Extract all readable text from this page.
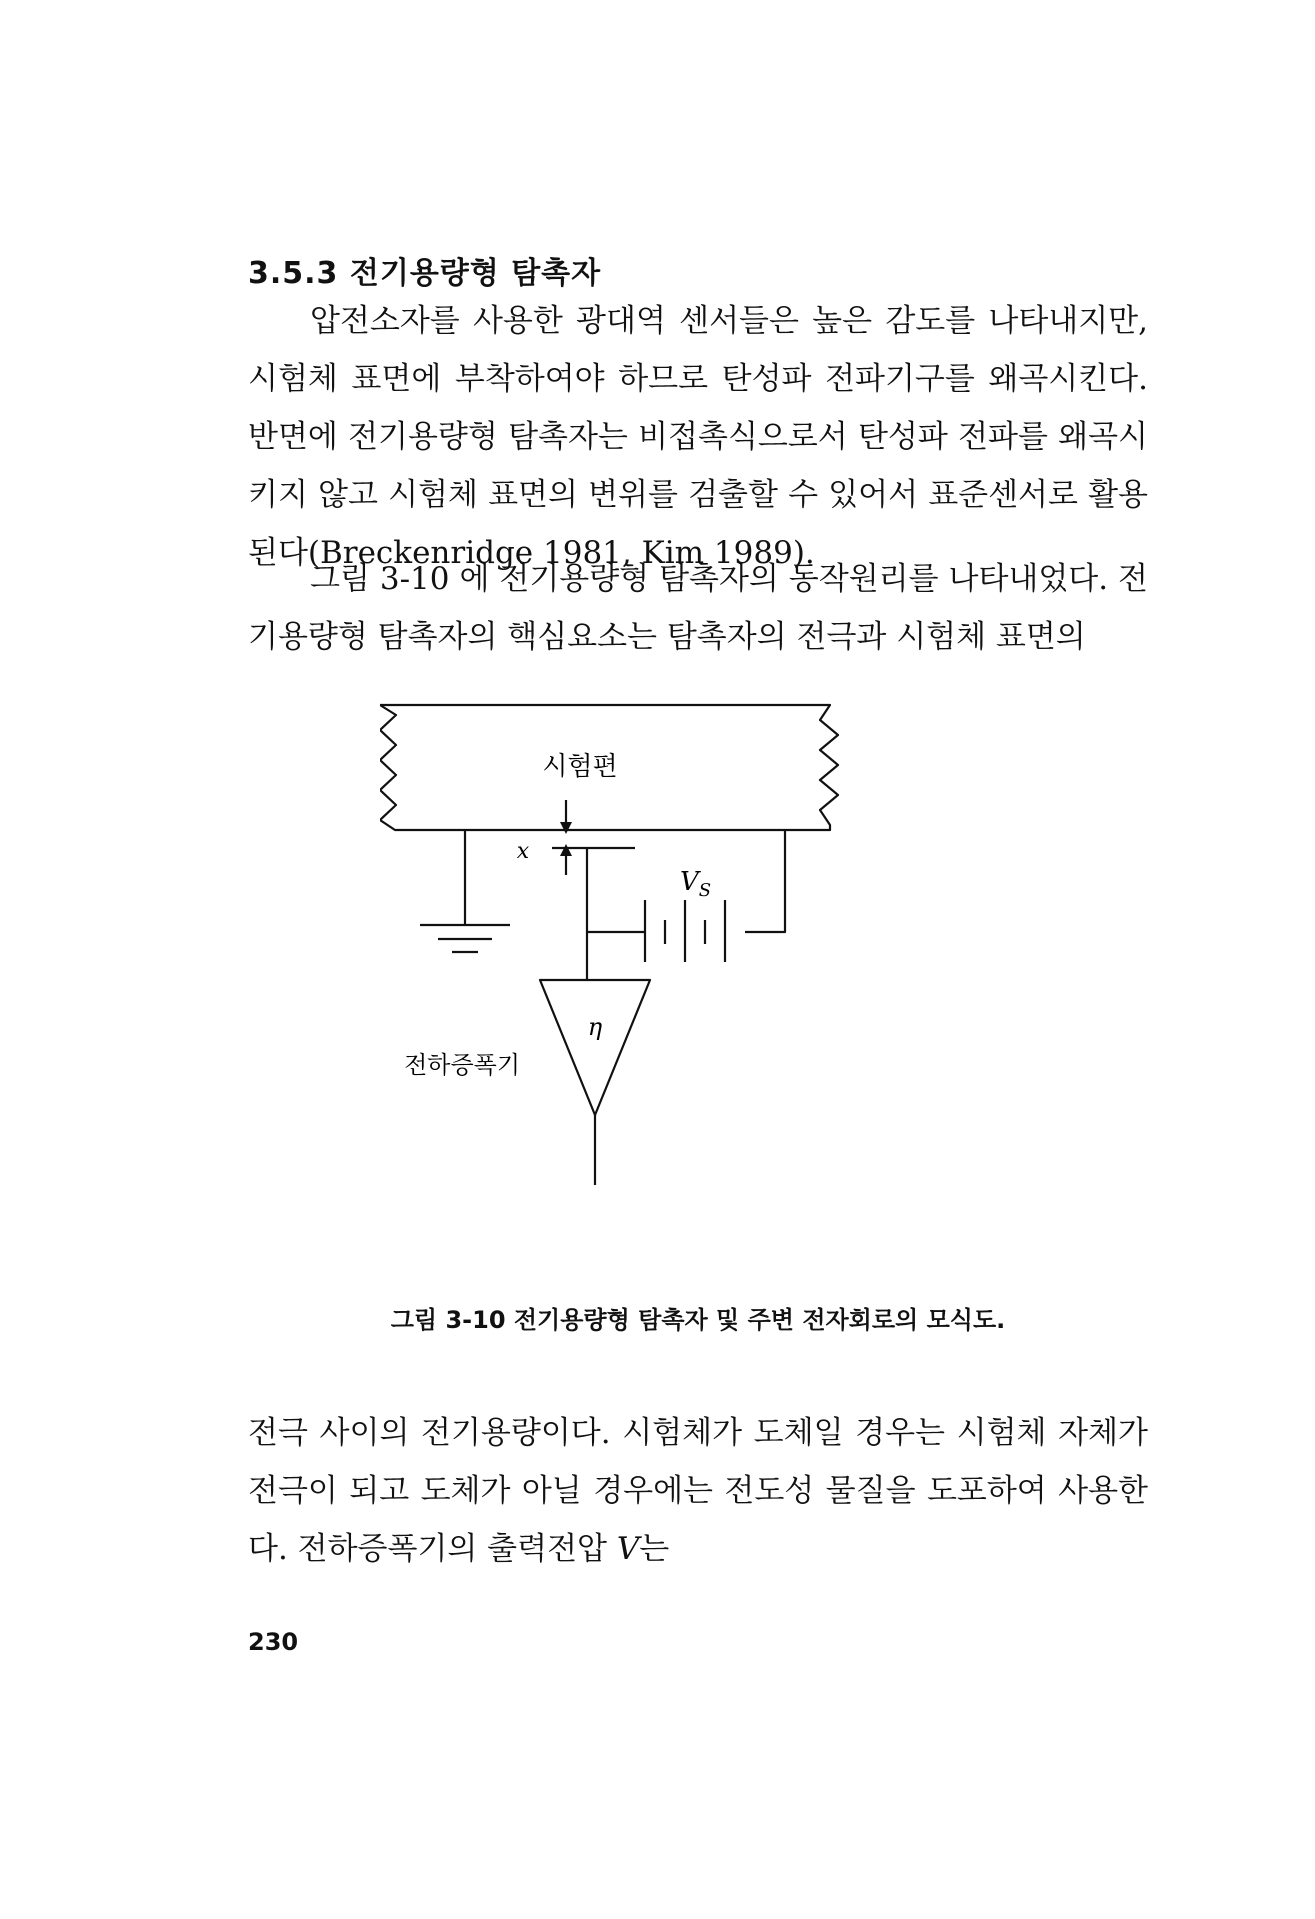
3.5.3 전기용량형 탐촉자
압전소자를 사용한 광대역 센서들은 높은 감도를 나타내지만, 시험체 표면에 부착하여야 하므로 탄성파 전파기구를 왜곡시킨다. 반면에 전기용량형 탐촉자는 비접촉식으로서 탄성파 전파를 왜곡시키지 않고 시험체 표면의 변위를 검출할 수 있어서 표준센서로 활용된다(Breckenridge 1981, Kim 1989).
그림 3-10 에 전기용량형 탐촉자의 동작원리를 나타내었다. 전기용량형 탐촉자의 핵심요소는 탐촉자의 전극과 시험체 표면의
시험편
x
$V_S$
η
전하증폭기
그림 3-10 전기용량형 탐촉자 및 주변 전자회로의 모식도.
전극 사이의 전기용량이다. 시험체가 도체일 경우는 시험체 자체가 전극이 되고 도체가 아닐 경우에는 전도성 물질을 도포하여 사용한다. 전하증폭기의 출력전압 V는
230
